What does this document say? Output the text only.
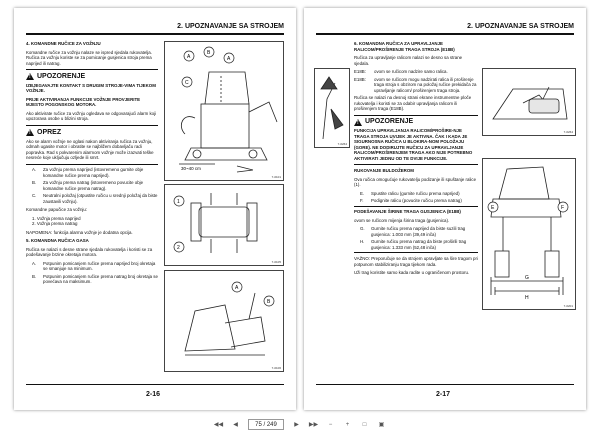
2. UPOZNAVANJE SA STROJEM

4. KOMANDNE RUČICE ZA VOŽNJU

Komandne ručice za vožnju nalaze se ispred sjedala rukovatelja. Ručica za vožnju koriste se za pomicanje gusjenica stroja prema naprijed ili natrag.

!
UPOZORENJE

IZBJEGAVAJTE KONTAKT S DRUGIM STROJE-VIMA TIJEKOM VOŽNJE.

PRIJE AKTIVIRANJA FUNKCIJE VOŽNJE PROVJERITE MJESTO POGONSKOG MOTORA.

Ako aktivirate ručice za vožnju ogledava se odgovarajući alarm koji upozorava osobe u blizini stroja.

!
OPREZ

Ako se alarm vožnje ne oglasi nakon aktiviranja ručica za vožnju, odmah ugasite motor i obratite se najbližem dobavljaču radi popravka. Rad s pokvarenim alarmom vožnje može izazvati teške nesreće koje uključuju ozljede ili smrt.

A.	Za vožnju prema naprijed (istovremeno gurnite obje komandne ručice prema naprijed).
B.	Za vožnju prema natrag (istovremeno povucite obje komandne ručice prema natrag).
C.	Neutralni položaj (otpustite ručicu u srednji položaj da biste zaustavili vožnju).

Komandne papučice za vožnju:

1. Vožnja prema naprijed

2. Vožnja prema natrag

NAPOMENA: funkcija alarma vožnje je dodatna opcija.

5. KOMANDNA RUČICA GASA

Ručica se nalazi s desne strane sjedala rukovatelja i koristi se za podešavanje brzine okretaja motora.

A.	Potpunim pomicanjem ručice prema naprijed broj okretaja se smanjuje na minimum.
B.	Potpunim pomicanjem ručice prema natrag broj okretaja se povećava na maksimum.
A
B
C
A
30~40 cm
7-0101
1
2
7-0105
A
B
7-0106
2-16
2. UPOZNAVANJE SA STROJEM
7-0264

6. KOMANDNA RUČICA ZA UPRAVLJANJE RALICOM/PROŠIRENJE TRAGA STROJA (E18B)

Ručica za upravljanje ralicom nalazi se desno sa strane sjedala.

E18B:	ovom se ručicom nadzire samo ralica.
E18B:	ovom se ručicom mogu nadzirati ralica ili proširenje traga stroja s obzirom na položaj ručice prekidača za upravljanje ralicom/ proširenjem traga stroja.

Ručica se nalazi na desnoj strani ekrane instrumentne ploče rukovatelja i koristi se za odabir upravljanja ralicom ili proširenjem traga (E18B).

!
UPOZORENJE

FUNKCIJA UPRAVLJANJA RALICOM/PROŠIRE-NJE TRAGA STROJA UVIJEK JE AKTIVNA. ČAK I KADA JE SIGURNOSNA RUČICA U BLOKIRA-NOM POLOŽAJU (GORE). NE DODIRUJTE RUČICU ZA UPRAVLJANJE RALICOM/PROŠIRENJEM TRAGA AKO NIJE POTREBNO AKTIVIRATI JEDNU OD TE DVIJE FUNKCIJE.

RUKOVANJE BULDOŽEROM

Ova ručica omogućuje rukovatelju podizanje ili spuštanje ralice (1).

E.	Spustite ralicu (gurnite ručicu prema naprijed)
F.	Podignite ralicu (povucite ručicu prema natrag)

PODEŠAVANJE ŠIRINE TRAGA GUSJENICA (E18B)

ovom se ručicom mijenja širina traga (gusjenica).

G.	Gurnite ručicu prema naprijed da biste suzili trag gusjenica: 1.003 mm (39,49 inča)
H.	Gurnite ručicu prema natrag da biste proširili trag gusjenica: 1.333 mm (52,48 inča)

VAŽNO: Preporučuje se da strojem upravljate sa šire tragom pri potpunom stabiliziranju traga tijekom rada.

Uži trag koristite samo kada radite u ograničenom prostoru.

7-0264
E	F
G
H
7-0201
2-17
◀◀	◀	75 / 249	▶	▶▶	−	+	□	▣
